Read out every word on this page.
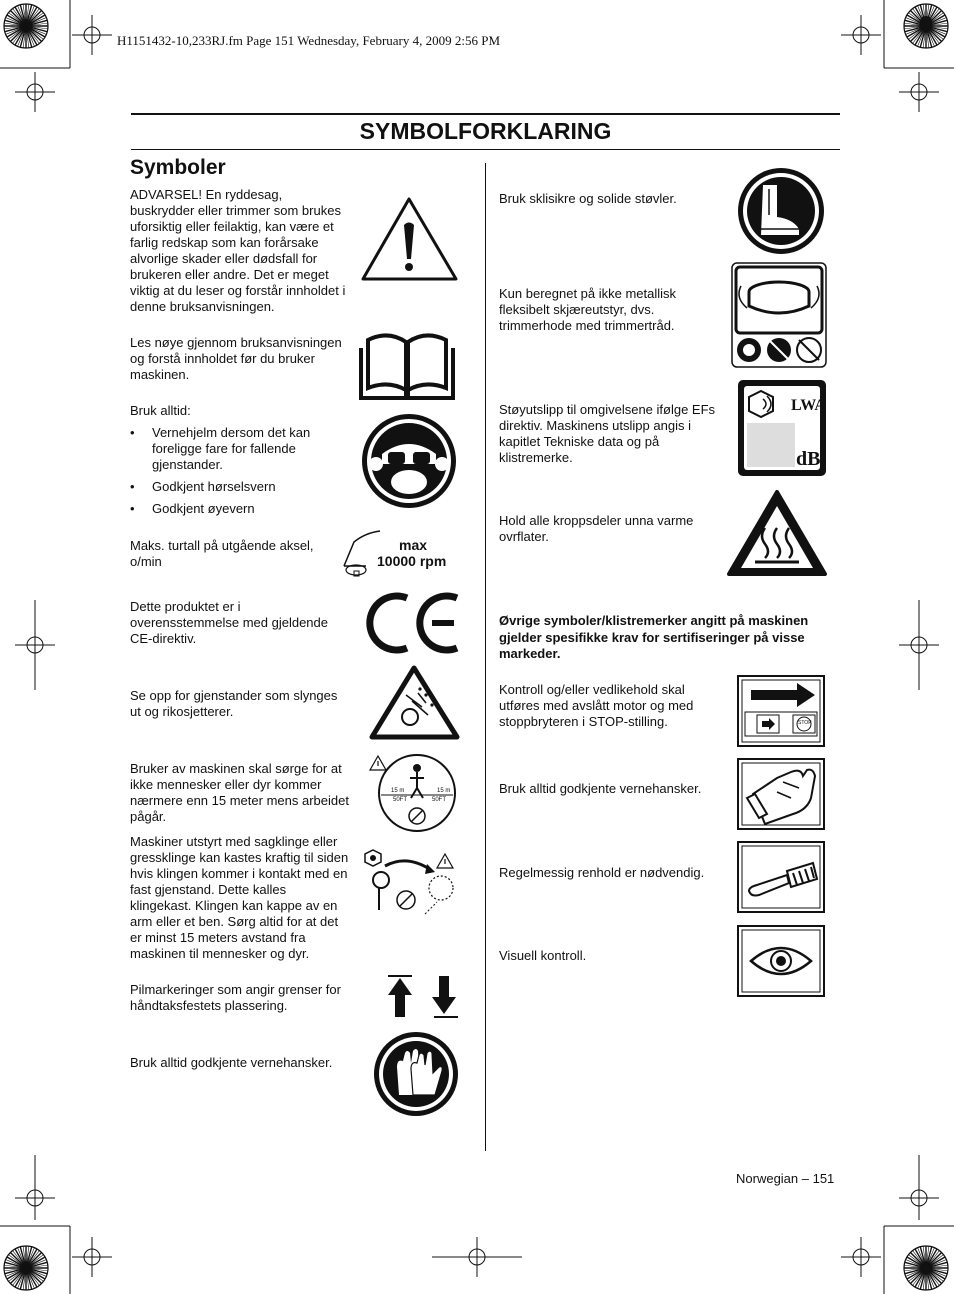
H1151432-10,233RJ.fm Page 151 Wednesday, February 4, 2009 2:56 PM
SYMBOLFORKLARING
Symboler
ADVARSEL! En ryddesag, buskrydder eller trimmer som brukes uforsiktig eller feilaktig, kan være et farlig redskap som kan forårsake alvorlige skader eller dødsfall for brukeren eller andre. Det er meget viktig at du leser og forstår innholdet i denne bruksanvisningen.
Les nøye gjennom bruksanvisningen og forstå innholdet før du bruker maskinen.
Bruk alltid:
• Vernehjelm dersom det kan foreligge fare for fallende gjenstander.
• Godkjent hørselsvern
• Godkjent øyevern
Maks. turtall på utgående aksel, o/min
max
10000 rpm
Dette produktet er i overensstemmelse med gjeldende CE-direktiv.
Se opp for gjenstander som slynges ut og rikosjetterer.
Bruker av maskinen skal sørge for at ikke mennesker eller dyr kommer nærmere enn 15 meter mens arbeidet pågår.
15 m	15 m
50FT	50FT
Maskiner utstyrt med sagklinge eller gressklinge kan kastes kraftig til siden hvis klingen kommer i kontakt med en fast gjenstand. Dette kalles klingekast. Klingen kan kappe av en arm eller et ben. Sørg altid for at det er minst 15 meters avstand fra maskinen til mennesker og dyr.
Pilmarkeringer som angir grenser for håndtaksfestets plassering.
Bruk alltid godkjente vernehansker.
Bruk sklisikre og solide støvler.
Kun beregnet på ikke metallisk fleksibelt skjæreutstyr, dvs. trimmerhode med trimmertråd.
Støyutslipp til omgivelsene ifølge EFs direktiv. Maskinens utslipp angis i kapitlet Tekniske data og på klistremerke.
LWA
dB
Hold alle kroppsdeler unna varme ovrflater.
Øvrige symboler/klistremerker angitt på maskinen gjelder spesifikke krav for sertifiseringer på visse markeder.
Kontroll og/eller vedlikehold skal utføres med avslått motor og med stoppbryteren i STOP-stilling.	STOP
Bruk alltid godkjente vernehansker.
Regelmessig renhold er nødvendig.
Visuell kontroll.
Norwegian – 151
